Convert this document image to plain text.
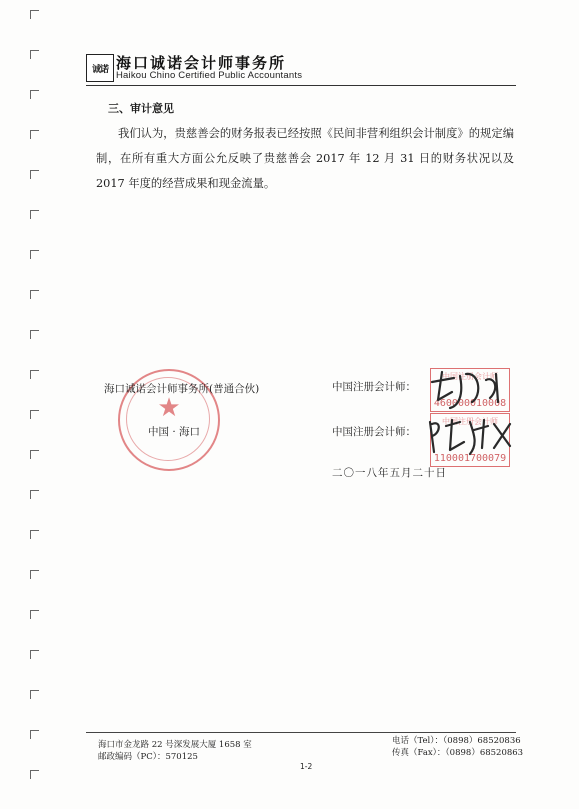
诚诺 海口诚诺会计师事务所
Haikou Chino Certified Public Accountants
三、审计意见
我们认为，贵慈善会的财务报表已经按照《民间非营利组织会计制度》的规定编制，在所有重大方面公允反映了贵慈善会 2017 年 12 月 31 日的财务状况以及 2017 年度的经营成果和现金流量。
★
海口诚诺会计师事务所(普通合伙)
中国 · 海口
中国注册会计师：
中国注册会计师
460000010008
中国注册会计师：
中国注册会计师
110001700079
二〇一八年五月二十日
海口市金龙路 22 号深发展大厦 1658 室
邮政编码（PC）：570125
电话（Tel）：（0898）68520836
传真（Fax）：（0898）68520863
1-2
